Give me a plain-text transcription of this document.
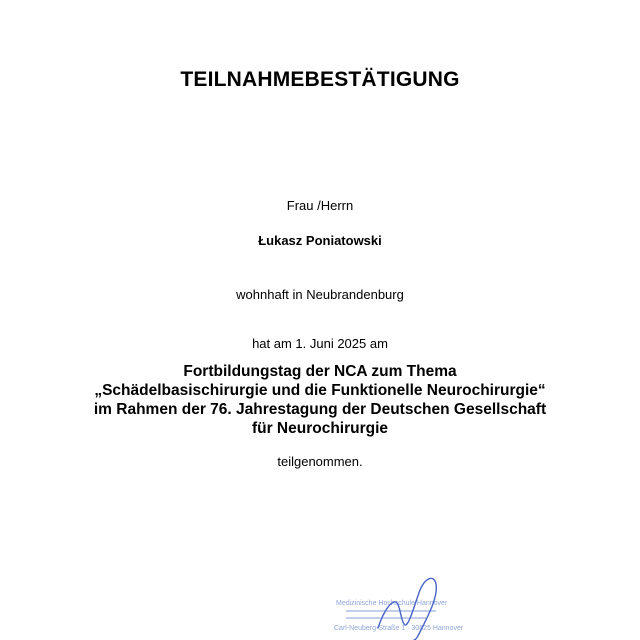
TEILNAHMEBESTÄTIGUNG
Frau /Herrn
Łukasz Poniatowski
wohnhaft in Neubrandenburg
hat am 1. Juni 2025 am
Fortbildungstag der NCA zum Thema
„Schädelbasischirurgie und die Funktionelle Neurochirurgie“
im Rahmen der 76. Jahrestagung der Deutschen Gesellschaft
für Neurochirurgie
teilgenommen.
Medizinische Hochschule Hannover
Carl-Neuberg-Straße 1 · 30625 Hannover
